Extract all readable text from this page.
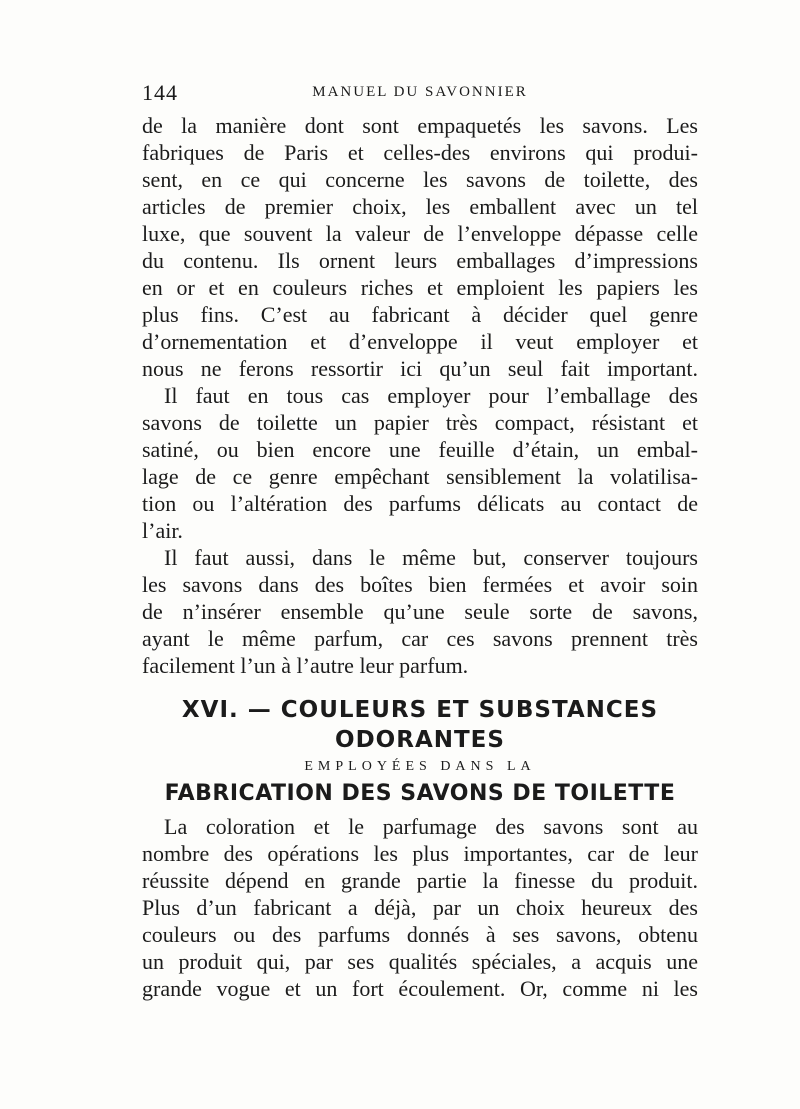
144	MANUEL DU SAVONNIER
de la manière dont sont empaquetés les savons. Les
fabriques de Paris et celles-des environs qui produi-
sent, en ce qui concerne les savons de toilette, des
articles de premier choix, les emballent avec un tel
luxe, que souvent la valeur de l’enveloppe dépasse celle
du contenu. Ils ornent leurs emballages d’impressions
en or et en couleurs riches et emploient les papiers les
plus fins. C’est au fabricant à décider quel genre
d’ornementation et d’enveloppe il veut employer et
nous ne ferons ressortir ici qu’un seul fait important.
Il faut en tous cas employer pour l’emballage des
savons de toilette un papier très compact, résistant et
satiné, ou bien encore une feuille d’étain, un embal-
lage de ce genre empêchant sensiblement la volatilisa-
tion ou l’altération des parfums délicats au contact de
l’air.
Il faut aussi, dans le même but, conserver toujours
les savons dans des boîtes bien fermées et avoir soin
de n’insérer ensemble qu’une seule sorte de savons,
ayant le même parfum, car ces savons prennent très
facilement l’un à l’autre leur parfum.
XVI. — COULEURS ET SUBSTANCES
ODORANTES
EMPLOYÉES DANS LA
FABRICATION DES SAVONS DE TOILETTE
La coloration et le parfumage des savons sont au
nombre des opérations les plus importantes, car de leur
réussite dépend en grande partie la finesse du produit.
Plus d’un fabricant a déjà, par un choix heureux des
couleurs ou des parfums donnés à ses savons, obtenu
un produit qui, par ses qualités spéciales, a acquis une
grande vogue et un fort écoulement. Or, comme ni les
